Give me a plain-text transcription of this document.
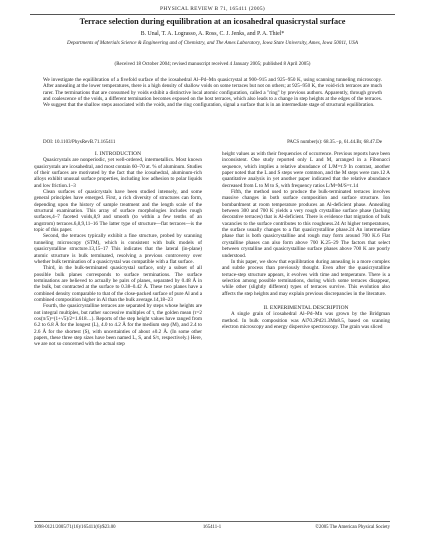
PHYSICAL REVIEW B 71, 165411 (2005)
Terrace selection during equilibration at an icosahedral quasicrystal surface
B. Unal, T. A. Lograsso, A. Ross, C. J. Jenks, and P. A. Thiel*
Departments of Materials Science & Engineering and of Chemistry, and The Ames Laboratory, Iowa State University, Ames, Iowa 50011, USA
(Received 18 October 2004; revised manuscript received 4 January 2005; published 8 April 2005)
We investigate the equilibration of a fivefold surface of the icosahedral Al–Pd–Mn quasicrystal at 900–915 and 925–950 K, using scanning tunneling microscopy. After annealing at the lower temperatures, there is a high density of shallow voids on some terraces but not on others; at 925–950 K, the void-rich terraces are much rarer. The terminations that are consumed by voids exhibit a distinctive local atomic configuration, called a "ring" by previous authors. Apparently, through growth and coalescence of the voids, a different termination becomes exposed on the host terraces, which also leads to a change in step heights at the edges of the terraces. We suggest that the shallow steps associated with the voids, and the ring configuration, signal a surface that is in an intermediate stage of structural equilibration.
DOI: 10.1103/PhysRevB.71.165411	PACS number(s): 68.35.−p, 61.44.Br, 68.47.De

I. INTRODUCTION

Quasicrystals are nonperiodic, yet well-ordered, intermetallics. Most known quasicrystals are icosahedral, and most contain 60–70 at. % of aluminum. Studies of their surfaces are motivated by the fact that the icosahedral, aluminum-rich alloys exhibit unusual surface properties, including low adhesion to polar liquids and low friction.1–3

Clean surfaces of quasicrystals have been studied intensely, and some general principles have emerged. First, a rich diversity of structures can form, depending upon the history of sample treatment and the length scale of the structural examination. This array of surface morphologies includes rough surfaces,4–7 faceted voids,8,9 and smooth (to within a few tenths of an angstrom) terraces.6,8,9,11–16 The latter type of structure—flat terraces—is the topic of this paper.

Second, the terraces typically exhibit a fine structure, probed by scanning tunneling microscopy (STM), which is consistent with bulk models of quasicrystalline structure.13,15–17 This indicates that the lateral (in-plane) atomic structure is bulk terminated, resolving a previous controversy over whether bulk termination of a quasicrystal was compatible with a flat surface.

Third, in the bulk-terminated quasicrystal surface, only a subset of all possible bulk planes corresponds to surface terminations. The surface terminations are believed to actually be pairs of planes, separated by 0.48 Å in the bulk, but contracted at the surface to 0.38–0.42 Å. These two planes have a combined density comparable to that of the close-packed surface of pure Al and a combined composition higher in Al than the bulk average.14,18–23

Fourth, the quasicrystalline terraces are separated by steps whose heights are not integral multiples, but rather successive multiples of τ, the golden mean (τ=2 cos(π/5)=(1+√5)/2=1.618…). Reports of the step height values have ranged from 6.2 to 6.8 Å for the longest (L), 4.0 to 4.2 Å for the medium step (M), and 2.4 to 2.6 Å for the shortest (S), with uncertainties of about ±0.2 Å. (In some other papers, these three step sizes have been named L, S, and S/τ, respectively.) Here, we are not so concerned with the actual step

height values as with their frequencies of occurrence. Previous reports have been inconsistent. One study reported only L and M, arranged in a Fibonacci sequence, which implies a relative abundance of L/M=τ.9 In contrast, another paper noted that the L and S steps were common, and the M steps were rare.12 A quantitative analysis in yet another paper indicated that the relative abundance decreased from L to M to S, with frequency ratios L/M=M/S=τ.14

Fifth, the method used to produce the bulk-terminated terraces involves massive changes in both surface composition and surface structure. Ion bombardment at room temperature produces an Al-deficient phase. Annealing between 300 and 700 K yields a very rough crystalline surface phase (lacking decorative terraces) that is Al-deficient. There is evidence that migration of bulk vacancies to the surface contributes to this roughness.24 At higher temperatures, the surface usually changes to a flat quasicrystalline phase.24 An intermediate phase that is both quasicrystalline and rough may form around 700 K.6 Flat crystalline phases can also form above 700 K.25–29 The factors that select between crystalline and quasicrystalline surface phases above 700 K are poorly understood.

In this paper, we show that equilibration during annealing is a more complex and subtle process than previously thought. Even after the quasicrystalline terrace-step structure appears, it evolves with time and temperature. There is a selection among possible terminations, during which some terraces disappear, while other (slightly different) types of terraces survive. This evolution also affects the step heights and may explain previous discrepancies in the literature.

II. EXPERIMENTAL DESCRIPTION

A single grain of icosahedral Al–Pd–Mn was grown by the Bridgman method. In bulk composition was Al70.2Pd21.3Mn8.5, based on scanning electron microscopy and energy dispersive spectroscopy. The grain was sliced

1098-0121/2005/71(16)/165411(6)/$23.00	165411-1	©2005 The American Physical Society
